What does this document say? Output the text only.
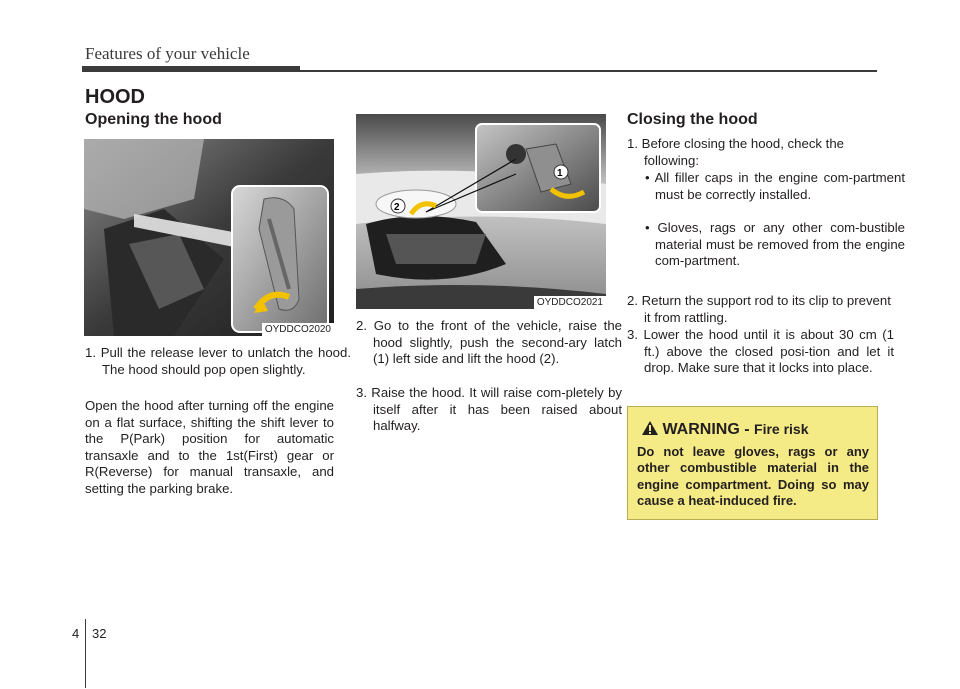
Features of your vehicle
HOOD
Opening the hood
OYDDCO2020

1. Pull the release lever to unlatch the hood. The hood should pop open slightly.

Open the hood after turning off the engine on a flat surface, shifting the shift lever to the P(Park) position for automatic transaxle and to the 1st(First) gear or R(Reverse) for manual transaxle, and setting the parking brake.

1
2
OYDDCO2021

2. Go to the front of the vehicle, raise the hood slightly, push the second-ary latch (1) left side and lift the hood (2).

3. Raise the hood. It will raise com-pletely by itself after it has been raised about halfway.

Closing the hood

1. Before closing the hood, check the following:

• All filler caps in the engine com-partment must be correctly installed.

• Gloves, rags or any other com-bustible material must be removed from the engine com-partment.

2. Return the support rod to its clip to prevent it from rattling.

3. Lower the hood until it is about 30 cm (1 ft.) above the closed posi-tion and let it drop. Make sure that it locks into place.

WARNING - Fire risk

Do not leave gloves, rags or any other combustible material in the engine compartment. Doing so may cause a heat-induced fire.

4 32
